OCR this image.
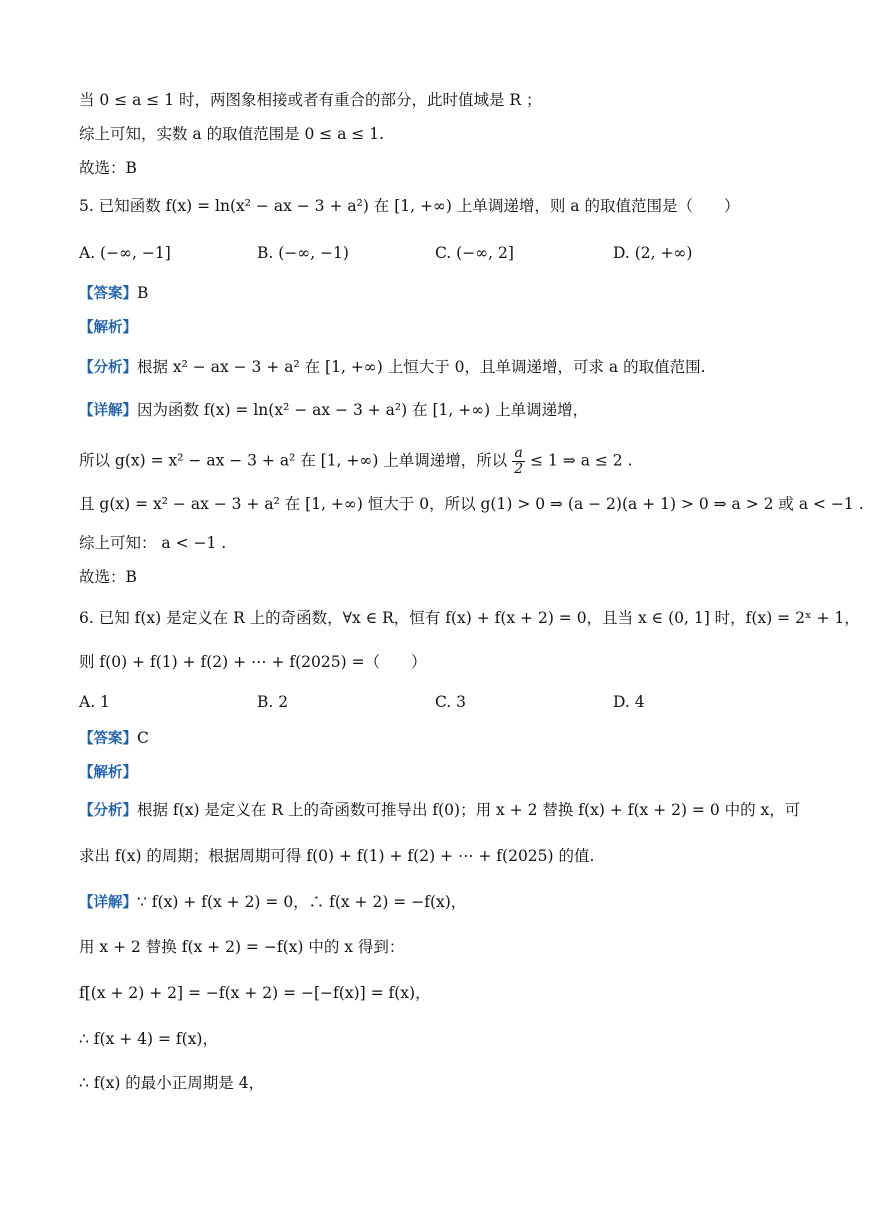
当 0 ≤ a ≤ 1 时，两图象相接或者有重合的部分，此时值域是 R ；
综上可知，实数 a 的取值范围是 0 ≤ a ≤ 1.
故选：B
5. 已知函数 f(x) = ln(x² − ax − 3 + a²) 在 [1, +∞) 上单调递增，则 a 的取值范围是（　　）
A. (−∞, −1]	B. (−∞, −1)	C. (−∞, 2]	D. (2, +∞)
【答案】B
【解析】
【分析】根据 x² − ax − 3 + a² 在 [1, +∞) 上恒大于 0，且单调递增，可求 a 的取值范围.
【详解】因为函数 f(x) = ln(x² − ax − 3 + a²) 在 [1, +∞) 上单调递增，
所以 g(x) = x² − ax − 3 + a² 在 [1, +∞) 上单调递增，所以 $\frac{a}{2} \le 1$ ⇒ a ≤ 2 .
且 g(x) = x² − ax − 3 + a² 在 [1, +∞) 恒大于 0，所以 g(1) > 0 ⇒ (a − 2)(a + 1) > 0 ⇒ a > 2 或 a < −1 .
综上可知： a < −1 .
故选：B
6. 已知 f(x) 是定义在 R 上的奇函数，∀x ∈ R，恒有 f(x) + f(x + 2) = 0，且当 x ∈ (0, 1] 时，f(x) = 2ˣ + 1，
则 f(0) + f(1) + f(2) + ⋯ + f(2025) =（　　）
A. 1	B. 2	C. 3	D. 4
【答案】C
【解析】
【分析】根据 f(x) 是定义在 R 上的奇函数可推导出 f(0)；用 x + 2 替换 f(x) + f(x + 2) = 0 中的 x，可
求出 f(x) 的周期；根据周期可得 f(0) + f(1) + f(2) + ⋯ + f(2025) 的值.
【详解】∵ f(x) + f(x + 2) = 0，∴ f(x + 2) = −f(x)，
用 x + 2 替换 f(x + 2) = −f(x) 中的 x 得到：
f[(x + 2) + 2] = −f(x + 2) = −[−f(x)] = f(x)，
∴ f(x + 4) = f(x)，
∴ f(x) 的最小正周期是 4，
